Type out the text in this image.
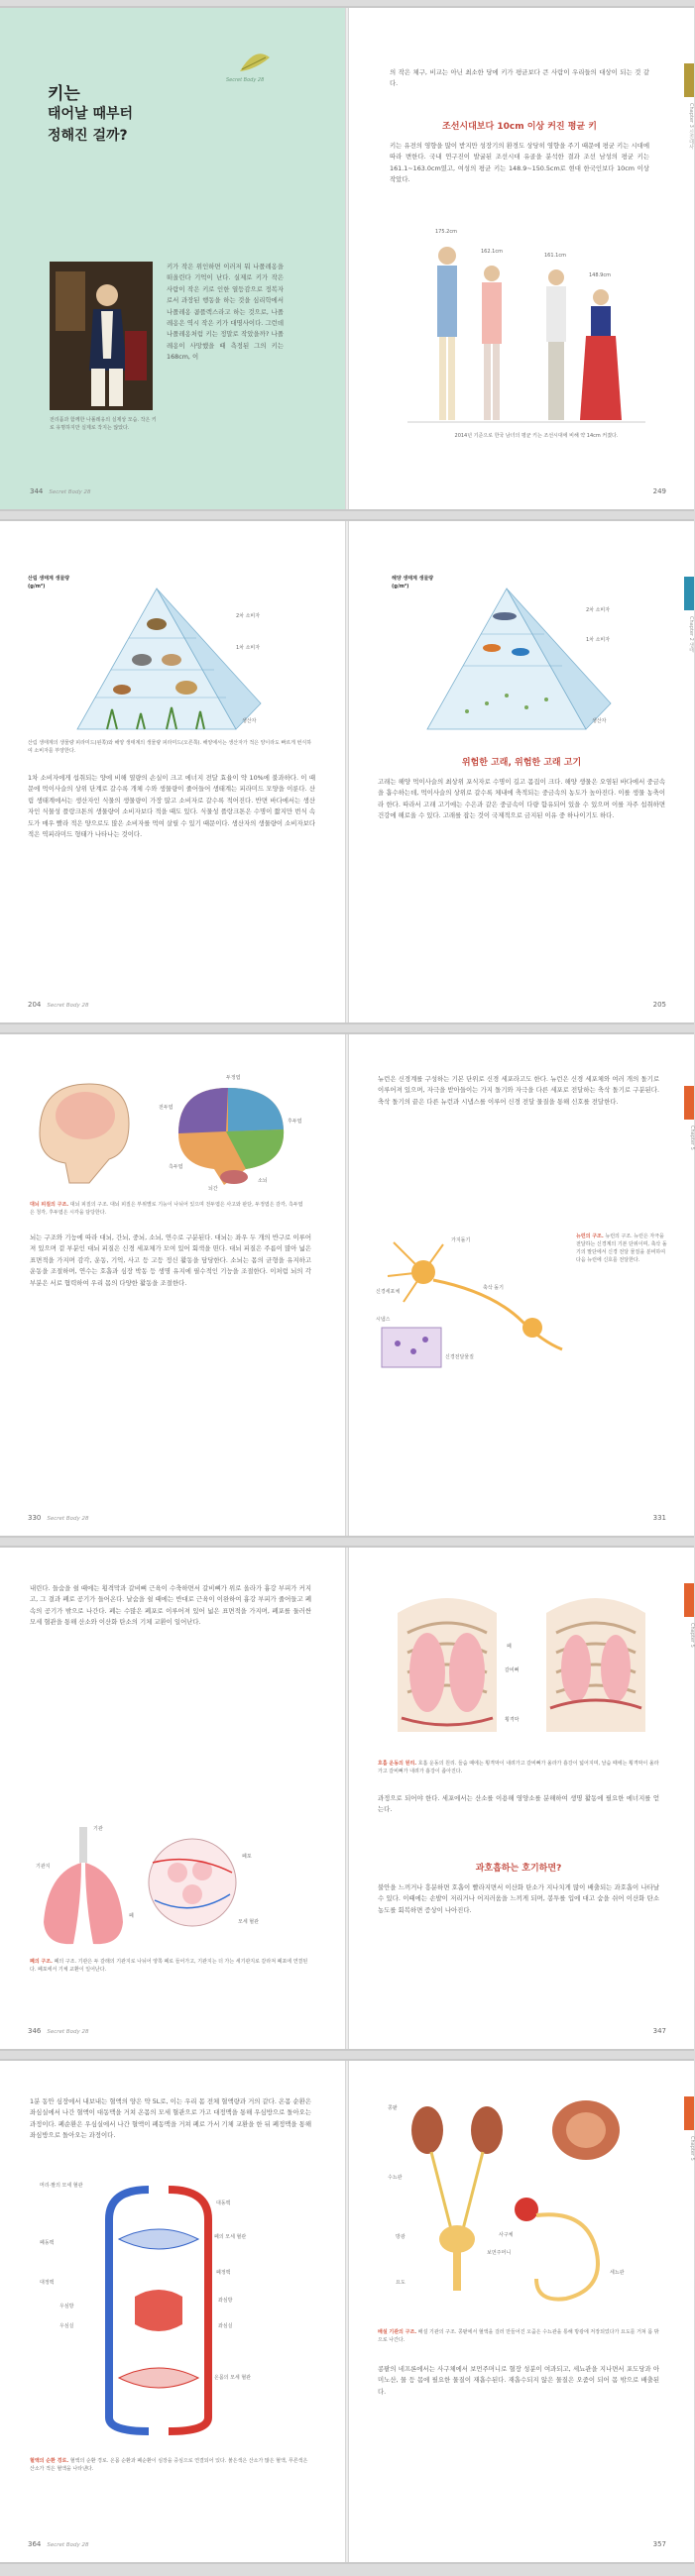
Secret Body 28
키는
태어날 때부터
정해진 걸까?
전리품과 함께한 나폴레옹의 실제상 모습. 작은 키로 유명하지만 실제로 작지는 않았다.
키가 작은 위인하면 이러저 뭐 나폴레옹을 떠올린다 기억이 난다. 실제로 키가 작은 사람이 작은 키로 인한 열등감으로 정복자로서 과장된 행동을 하는 것을 심리학에서 나폴레옹 콤플렉스라고 하는 것으로, 나폴레옹은 역시 작은 키가 대명사이다. 그런데 나폴레옹처럼 키는 정말로 작았을까? 나폴레옹이 사망했을 때 측정된 그의 키는 168cm, 이
344 Secret Body 28
의 작은 체구, 비교는 아닌 최소한 당에 키가 평균보다 큰 사람이 우리들의 대상이 되는 것 같다.
조선시대보다 10cm 이상 커진 평균 키
키는 유전의 영향을 많이 받지만 성장기의 환경도 상당히 영향을 주기 때문에 평균 키는 시대에 따라 변한다. 국내 연구진이 발굴된 조선시대 유골을 분석한 결과 조선 남성의 평균 키는 161.1~163.0cm였고, 여성의 평균 키는 148.9~150.5cm로 현대 한국인보다 10cm 이상 작았다.
175.2cm
162.1cm
161.1cm
148.9cm
2014년 기준으로 한국 남녀의 평균 키는 조선시대에 비해 약 14cm 커졌다.
249
Chapter 3 신진대사
산림 생태계 생물량 (g/m²)
2차 소비자
1차 소비자
생산자
산림 생태계의 생물량 피라미드(왼쪽)와 해양 생태계의 생물량 피라미드(오른쪽). 해양에서는 생산자가 적은 양이라도 빠르게 번식하여 소비자를 부양한다.
1차 소비자에게 섭취되는 양에 비해 열량의 손실이 크고 에너지 전달 효율이 약 10%에 불과하다. 이 때문에 먹이사슬의 상위 단계로 갈수록 개체 수와 생물량이 줄어들어 생태계는 피라미드 모양을 이룬다. 산림 생태계에서는 생산자인 식물의 생물량이 가장 많고 소비자로 갈수록 적어진다. 반면 바다에서는 생산자인 식물성 플랑크톤의 생물량이 소비자보다 적을 때도 있다. 식물성 플랑크톤은 수명이 짧지만 번식 속도가 매우 빨라 적은 양으로도 많은 소비자를 먹여 살릴 수 있기 때문이다. 생산자의 생물량이 소비자보다 적은 역피라미드 형태가 나타나는 것이다.
204 Secret Body 28
해양 생태계 생물량 (g/m²)
2차 소비자
1차 소비자
생산자
위험한 고래, 위험한 고래 고기
고래는 해양 먹이사슬의 최상위 포식자로 수명이 길고 몸집이 크다. 해양 생물은 오염된 바다에서 중금속을 흡수하는데, 먹이사슬의 상위로 갈수록 체내에 축적되는 중금속의 농도가 높아진다. 이를 생물 농축이라 한다. 따라서 고래 고기에는 수은과 같은 중금속이 다량 함유되어 있을 수 있으며 이를 자주 섭취하면 건강에 해로울 수 있다. 고래를 잡는 것이 국제적으로 금지된 이유 중 하나이기도 하다.
205
Chapter 2 생태
두정엽
전두엽
후두엽
측두엽
소뇌
뇌간
대뇌 피질의 구조. 대뇌 피질의 구조. 대뇌 피질은 부위별로 기능이 나뉘어 있으며 전두엽은 사고와 판단, 두정엽은 감각, 측두엽은 청각, 후두엽은 시각을 담당한다.
뇌는 구조와 기능에 따라 대뇌, 간뇌, 중뇌, 소뇌, 연수로 구분된다. 대뇌는 좌우 두 개의 반구로 이루어져 있으며 겉 부분인 대뇌 피질은 신경 세포체가 모여 있어 회색을 띤다. 대뇌 피질은 주름이 많아 넓은 표면적을 가지며 감각, 운동, 기억, 사고 등 고등 정신 활동을 담당한다. 소뇌는 몸의 균형을 유지하고 운동을 조절하며, 연수는 호흡과 심장 박동 등 생명 유지에 필수적인 기능을 조절한다. 이처럼 뇌의 각 부분은 서로 협력하여 우리 몸의 다양한 활동을 조절한다.
330 Secret Body 28
뉴런은 신경계를 구성하는 기본 단위로 신경 세포라고도 한다. 뉴런은 신경 세포체와 여러 개의 돌기로 이루어져 있으며, 자극을 받아들이는 가지 돌기와 자극을 다른 세포로 전달하는 축삭 돌기로 구분된다. 축삭 돌기의 끝은 다른 뉴런과 시냅스를 이루어 신경 전달 물질을 통해 신호를 전달한다.
가지돌기
신경세포체
축삭 돌기
시냅스
신경전달물질
뉴런의 구조. 뉴런의 구조. 뉴런은 자극을 전달하는 신경계의 기본 단위이며, 축삭 돌기의 말단에서 신경 전달 물질을 분비하여 다음 뉴런에 신호를 전달한다.
331
Chapter 5
내린다. 들숨을 쉴 때에는 횡격막과 갈비뼈 근육이 수축하면서 갈비뼈가 위로 올라가 흉강 부피가 커지고, 그 결과 폐로 공기가 들어온다. 날숨을 쉴 때에는 반대로 근육이 이완하여 흉강 부피가 줄어들고 폐 속의 공기가 밖으로 나간다. 폐는 수많은 폐포로 이루어져 있어 넓은 표면적을 가지며, 폐포를 둘러싼 모세 혈관을 통해 산소와 이산화 탄소의 기체 교환이 일어난다.
기관
기관지
폐
폐포
모세 혈관
폐의 구조. 폐의 구조. 기관은 두 갈래의 기관지로 나뉘어 양쪽 폐로 들어가고, 기관지는 더 가는 세기관지로 갈라져 폐포에 연결된다. 폐포에서 기체 교환이 일어난다.
346 Secret Body 28
폐
갈비뼈
횡격막
호흡 운동의 원리. 호흡 운동의 원리. 들숨 때에는 횡격막이 내려가고 갈비뼈가 올라가 흉강이 넓어지며, 날숨 때에는 횡격막이 올라가고 갈비뼈가 내려가 흉강이 좁아진다.
과정으로 되어야 한다. 세포에서는 산소를 이용해 영양소를 분해하여 생명 활동에 필요한 에너지를 얻는다.
과호흡하는 호기하면?
불안을 느끼거나 흥분하면 호흡이 빨라지면서 이산화 탄소가 지나치게 많이 배출되는 과호흡이 나타날 수 있다. 이때에는 손발이 저리거나 어지러움을 느끼게 되며, 봉투를 입에 대고 숨을 쉬어 이산화 탄소 농도를 회복하면 증상이 나아진다.
347
Chapter 5
1분 동안 심장에서 내보내는 혈액의 양은 약 5L로, 이는 우리 몸 전체 혈액량과 거의 같다. 온몸 순환은 좌심실에서 나간 혈액이 대동맥을 거쳐 온몸의 모세 혈관으로 가고 대정맥을 통해 우심방으로 돌아오는 과정이다. 폐순환은 우심실에서 나간 혈액이 폐동맥을 거쳐 폐로 가서 기체 교환을 한 뒤 폐정맥을 통해 좌심방으로 돌아오는 과정이다.
머리·팔의 모세 혈관
폐의 모세 혈관
대동맥
폐동맥
폐정맥
대정맥
우심방
좌심방
우심실	좌심실
온몸의 모세 혈관
혈액의 순환 경로. 혈액의 순환 경로. 온몸 순환과 폐순환이 심장을 중심으로 연결되어 있다. 붉은색은 산소가 많은 혈액, 푸른색은 산소가 적은 혈액을 나타낸다.
364 Secret Body 28
콩팥
수뇨관
방광
요도
사구체
보먼주머니
세뇨관
배설 기관의 구조. 배설 기관의 구조. 콩팥에서 혈액을 걸러 만들어진 오줌은 수뇨관을 통해 방광에 저장되었다가 요도를 거쳐 몸 밖으로 나간다.
콩팥의 네프론에서는 사구체에서 보먼주머니로 혈장 성분이 여과되고, 세뇨관을 지나면서 포도당과 아미노산, 물 등 몸에 필요한 물질이 재흡수된다. 재흡수되지 않은 물질은 오줌이 되어 몸 밖으로 배출된다.
357
Chapter 5
